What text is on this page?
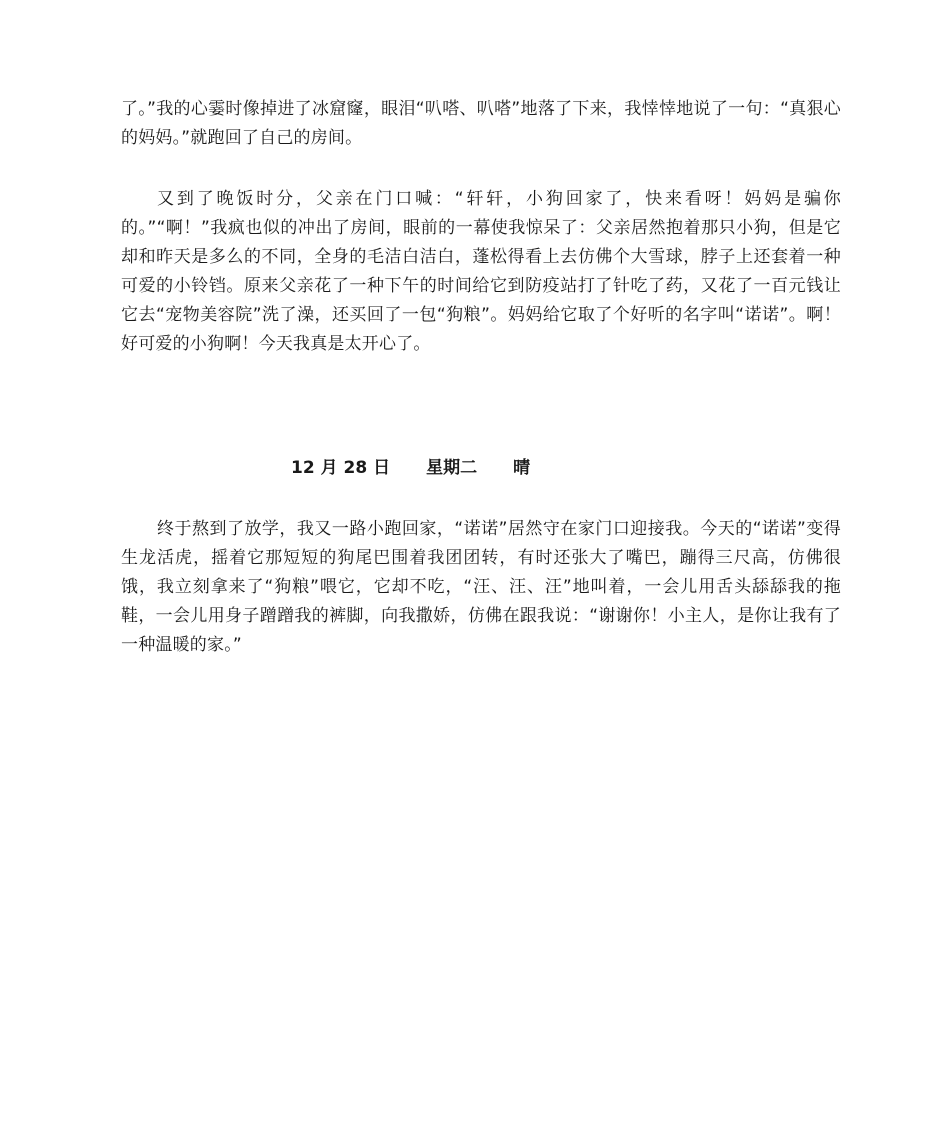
了。”我的心霎时像掉进了冰窟窿，眼泪“叭嗒、叭嗒”地落了下来，我悻悻地说了一句：“真狠心的妈妈。”就跑回了自己的房间。

又到了晚饭时分，父亲在门口喊：“轩轩，小狗回家了，快来看呀！妈妈是骗你的。”“啊！”我疯也似的冲出了房间，眼前的一幕使我惊呆了：父亲居然抱着那只小狗，但是它却和昨天是多么的不同，全身的毛洁白洁白，蓬松得看上去仿佛个大雪球，脖子上还套着一种可爱的小铃铛。原来父亲花了一种下午的时间给它到防疫站打了针吃了药，又花了一百元钱让它去“宠物美容院”洗了澡，还买回了一包“狗粮”。妈妈给它取了个好听的名字叫“诺诺”。啊！好可爱的小狗啊！今天我真是太开心了。

12 月 28 日 星期二 晴

终于熬到了放学，我又一路小跑回家，“诺诺”居然守在家门口迎接我。今天的“诺诺”变得生龙活虎，摇着它那短短的狗尾巴围着我团团转，有时还张大了嘴巴，蹦得三尺高，仿佛很饿，我立刻拿来了“狗粮”喂它，它却不吃，“汪、汪、汪”地叫着，一会儿用舌头舔舔我的拖鞋，一会儿用身子蹭蹭我的裤脚，向我撒娇，仿佛在跟我说：“谢谢你！小主人，是你让我有了一种温暖的家。”
